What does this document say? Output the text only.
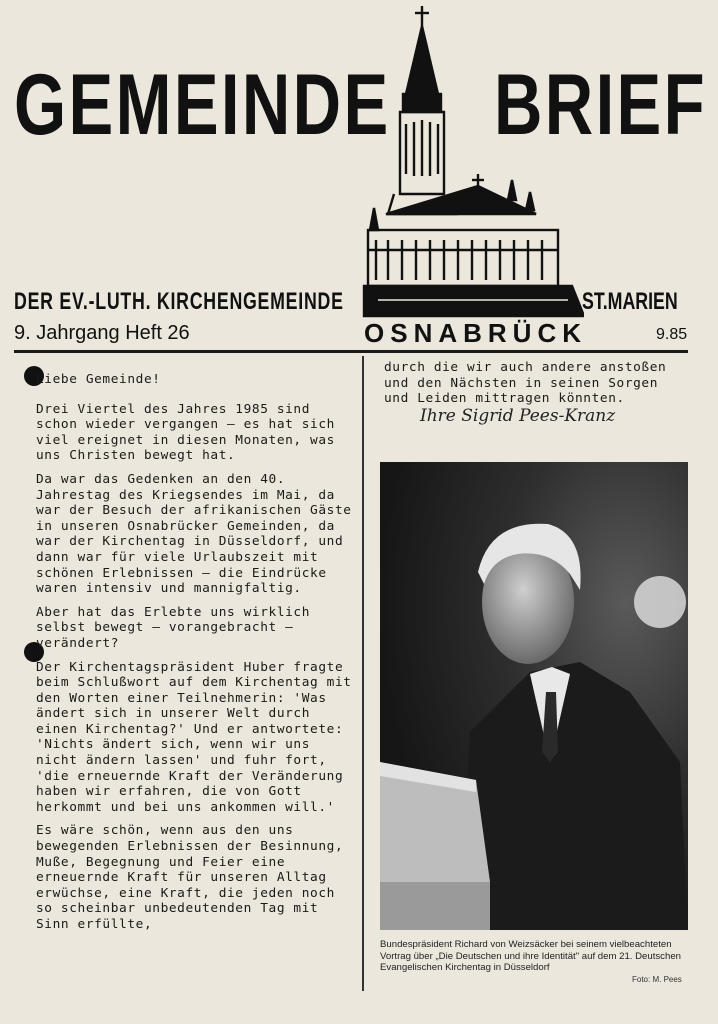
GEMEINDE BRIEF
DER EV.-LUTH. KIRCHENGEMEINDE	ST.MARIEN
OSNABRÜCK
9. Jahrgang Heft 26	9.85
Liebe Gemeinde!

Drei Viertel des Jahres 1985 sind schon wieder vergangen – es hat sich viel ereignet in diesen Monaten, was uns Christen bewegt hat.

Da war das Gedenken an den 40. Jahrestag des Kriegsendes im Mai, da war der Besuch der afrikanischen Gäste in unseren Osnabrücker Gemeinden, da war der Kirchentag in Düsseldorf, und dann war für viele Urlaubszeit mit schönen Erlebnissen – die Eindrücke waren intensiv und mannigfaltig.

Aber hat das Erlebte uns wirklich selbst bewegt – vorangebracht – verändert?

Der Kirchentagspräsident Huber fragte beim Schlußwort auf dem Kirchentag mit den Worten einer Teilnehmerin: 'Was ändert sich in unserer Welt durch einen Kirchentag?' Und er antwortete: 'Nichts ändert sich, wenn wir uns nicht ändern lassen' und fuhr fort, 'die erneuernde Kraft der Veränderung haben wir erfahren, die von Gott herkommt und bei uns ankommen will.'

Es wäre schön, wenn aus den uns bewegenden Erlebnissen der Besinnung, Muße, Begegnung und Feier eine erneuernde Kraft für unseren Alltag erwüchse, eine Kraft, die jeden noch so scheinbar unbedeutenden Tag mit Sinn erfüllte,

durch die wir auch andere anstoßen und den Nächsten in seinen Sorgen und Leiden mittragen könnten.

Ihre Sigrid Pees-Kranz
Bundespräsident Richard von Weizsäcker bei seinem vielbeachteten Vortrag über „Die Deutschen und ihre Identität" auf dem 21. Deutschen Evangelischen Kirchentag in Düsseldorf
Foto: M. Pees
